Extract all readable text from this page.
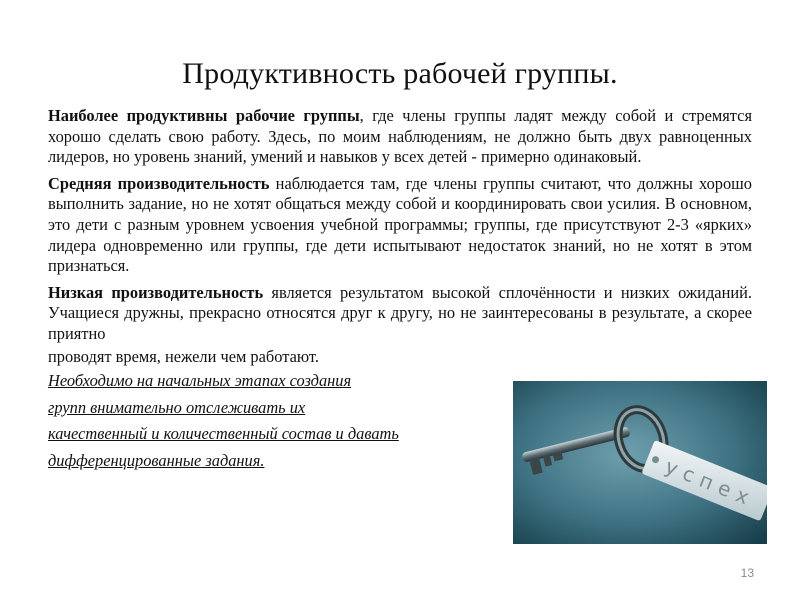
Продуктивность рабочей группы.

Наиболее продуктивны рабочие группы, где члены группы ладят между собой и стремятся хорошо сделать свою работу. Здесь, по моим наблюдениям, не должно быть двух равноценных лидеров, но уровень знаний, умений и навыков у всех детей - примерно одинаковый.

Средняя производительность наблюдается там, где члены группы считают, что должны хорошо выполнить задание, но не хотят общаться между собой и координировать свои усилия. В основном, это дети с разным уровнем усвоения учебной программы; группы, где присутствуют 2-3 «ярких» лидера одновременно или группы, где дети испытывают недостаток знаний, но не хотят в этом признаться.

Низкая производительность является результатом высокой сплочённости и низких ожиданий. Учащиеся дружны, прекрасно относятся друг к другу, но не заинтересованы в результате, а скорее приятно

проводят время, нежели чем работают.

Необходимо на начальных этапах создания
групп внимательно отслеживать их
качественный и количественный состав и давать
дифференцированные задания.	успех
13
